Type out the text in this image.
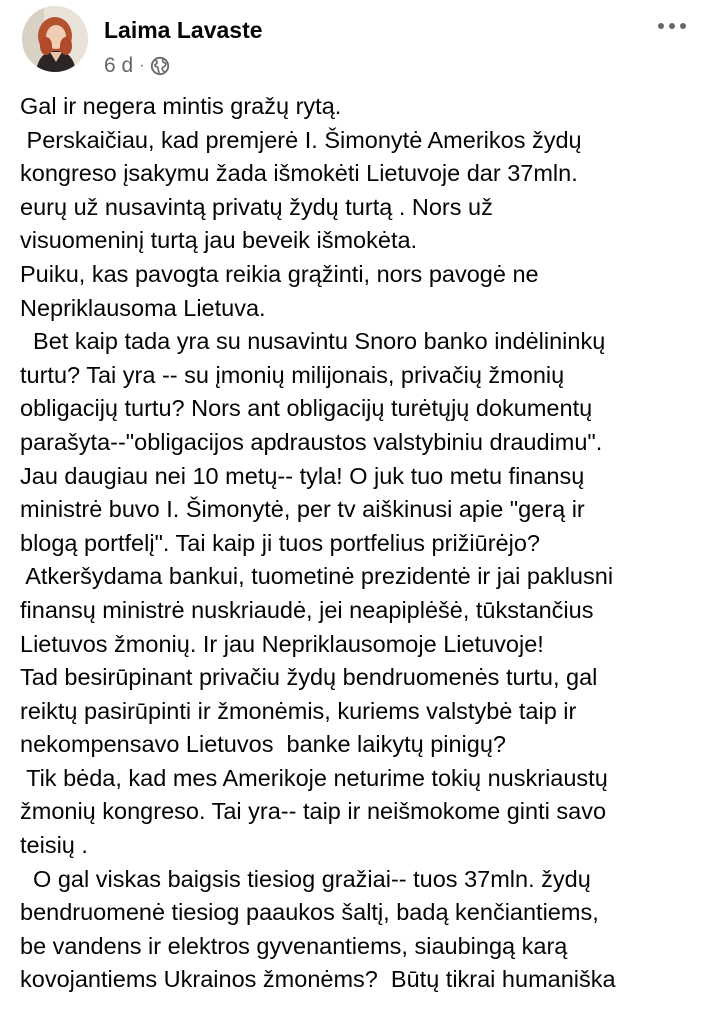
Laima Lavaste
6 d ·
Gal ir negera mintis gražų rytą.
Perskaičiau, kad premjerė I. Šimonytė Amerikos žydų
kongreso įsakymu žada išmokėti Lietuvoje dar 37mln.
eurų už nusavintą privatų žydų turtą . Nors už
visuomeninį turtą jau beveik išmokėta.
Puiku, kas pavogta reikia grąžinti, nors pavogė ne
Nepriklausoma Lietuva.
Bet kaip tada yra su nusavintu Snoro banko indėlininkų
turtu? Tai yra -- su įmonių milijonais, privačių žmonių
obligacijų turtu? Nors ant obligacijų turėtųjų dokumentų
parašyta--"obligacijos apdraustos valstybiniu draudimu".
Jau daugiau nei 10 metų-- tyla! O juk tuo metu finansų
ministrė buvo I. Šimonytė, per tv aiškinusi apie "gerą ir
blogą portfelį". Tai kaip ji tuos portfelius prižiūrėjo?
Atkeršydama bankui, tuometinė prezidentė ir jai paklusni
finansų ministrė nuskriaudė, jei neapiplėšė, tūkstančius
Lietuvos žmonių. Ir jau Nepriklausomoje Lietuvoje!
Tad besirūpinant privačiu žydų bendruomenės turtu, gal
reiktų pasirūpinti ir žmonėmis, kuriems valstybė taip ir
nekompensavo Lietuvos  banke laikytų pinigų?
Tik bėda, kad mes Amerikoje neturime tokių nuskriaustų
žmonių kongreso. Tai yra-- taip ir neišmokome ginti savo
teisių .
O gal viskas baigsis tiesiog gražiai-- tuos 37mln. žydų
bendruomenė tiesiog paaukos šaltį, badą kenčiantiems,
be vandens ir elektros gyvenantiems, siaubingą karą
kovojantiems Ukrainos žmonėms?  Būtų tikrai humaniška
